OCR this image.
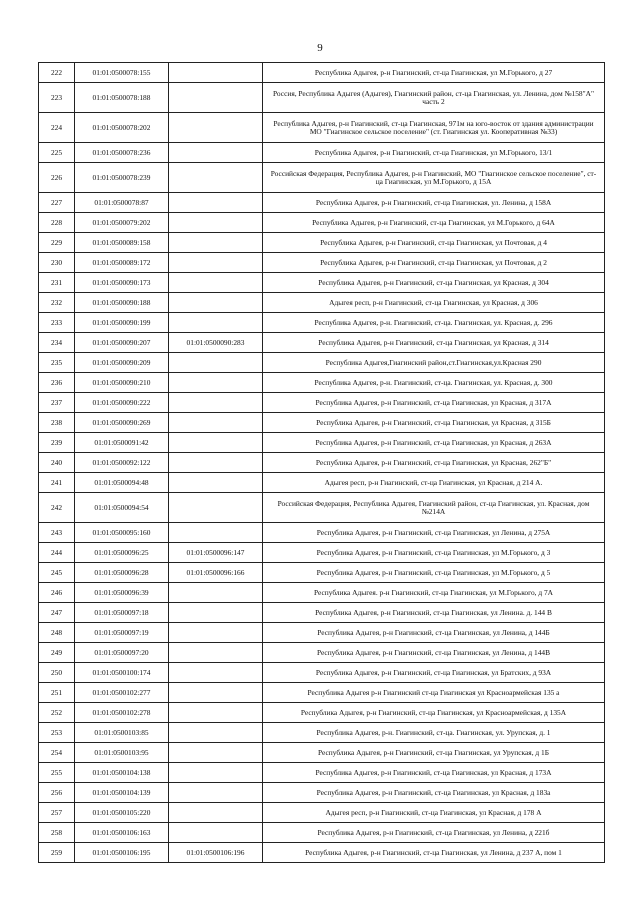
9
222	01:01:0500078:155		Республика Адыгея, р-н Гиагинский, ст-ца Гиагинская, ул М.Горького, д 27
223	01:01:0500078:188		Россия, Республика Адыгея (Адыгея), Гиагинский район, ст-ца Гиагинская, ул. Ленина, дом №158"А" часть 2
224	01:01:0500078:202		Республика Адыгея, р-н Гиагинский, ст-ца Гиагинская, 971м на юго-восток от здания администрации МО "Гиагинское сельское поселение" (ст. Гиагинская ул. Кооперативная №33)
225	01:01:0500078:236		Республика Адыгея, р-н Гиагинский, ст-ца Гиагинская, ул М.Горького, 13/1
226	01:01:0500078:239		Российская Федерация, Республика Адыгея, р-н Гиагинский, МО "Гиагинское сельское поселение", ст-ца Гиагинская, ул М.Горького, д 15А
227	01:01:0500078:87		Республика Адыгея, р-н Гиагинский, ст-ца Гиагинская, ул. Ленина, д 158А
228	01:01:0500079:202		Республика Адыгея, р-н Гиагинский, ст-ца Гиагинская, ул М.Горького, д 64А
229	01:01:0500089:158		Республика Адыгея, р-н Гиагинский, ст-ца Гиагинская, ул Почтовая, д 4
230	01:01:0500089:172		Республика Адыгея, р-н Гиагинский, ст-ца Гиагинская, ул Почтовая, д 2
231	01:01:0500090:173		Республика Адыгея, р-н Гиагинский, ст-ца Гиагинская, ул Красная, д 304
232	01:01:0500090:188		Адыгея респ, р-н Гиагинский, ст-ца Гиагинская, ул Красная, д 306
233	01:01:0500090:199		Республика Адыгея, р-н. Гиагинский, ст-ца. Гиагинская, ул. Красная, д. 296
234	01:01:0500090:207	01:01:0500090:283	Республика Адыгея, р-н Гиагинский, ст-ца Гиагинская, ул Красная, д 314
235	01:01:0500090:209		Республика Адыгея,Гиагинский район,ст.Гиагинская,ул.Красная 290
236	01:01:0500090:210		Республика Адыгея, р-н. Гиагинский, ст-ца. Гиагинская, ул. Красная, д. 300
237	01:01:0500090:222		Республика Адыгея, р-н Гиагинский, ст-ца Гиагинская, ул Красная, д 317А
238	01:01:0500090:269		Республика Адыгея, р-н Гиагинский, ст-ца Гиагинская, ул Красная, д 315Б
239	01:01:0500091:42		Республика Адыгея, р-н Гиагинский, ст-ца Гиагинская, ул Красная, д 263А
240	01:01:0500092:122		Республика Адыгея, р-н Гиагинский, ст-ца Гиагинская, ул Красная, 262"Б"
241	01:01:0500094:48		Адыгея респ, р-н Гиагинский, ст-ца Гиагинская, ул Красная, д 214 А.
242	01:01:0500094:54		Российская Федерация, Республика Адыгея, Гиагинский район, ст-ца Гиагинская, ул. Красная, дом №214А
243	01:01:0500095:160		Республика Адыгея, р-н Гиагинский, ст-ца Гиагинская, ул Ленина, д 275А
244	01:01:0500096:25	01:01:0500096:147	Республика Адыгея, р-н Гиагинский, ст-ца Гиагинская, ул М.Горького, д 3
245	01:01:0500096:28	01:01:0500096:166	Республика Адыгея, р-н Гиагинский, ст-ца Гиагинская, ул М.Горького, д 5
246	01:01:0500096:39		Республика Адыгея. р-н Гиагинский, ст-ца Гиагинская, ул М.Горького, д 7А
247	01:01:0500097:18		Республика Адыгея, р-н Гиагинский, ст-ца Гиагинская, ул Ленина. д. 144 В
248	01:01:0500097:19		Республика Адыгея, р-н Гиагинский, ст-ца Гиагинская, ул Ленина, д 144Б
249	01:01:0500097:20		Республика Адыгея, р-н Гиагинский, ст-ца Гиагинская, ул Ленина, д 144В
250	01:01:0500100:174		Республика Адыгея, р-н Гиагинский, ст-ца Гиагинская, ул Братских, д 93А
251	01:01:0500102:277		Республика Адыгея р-н Гиагинский ст-ца Гиагинская ул Красноармейская 135 а
252	01:01:0500102:278		Республика Адыгея, р-н Гиагинский, ст-ца Гиагинская, ул Красноармейская, д 135А
253	01:01:0500103:85		Республика Адыгея, р-н. Гиагинский, ст-ца. Гиагинская, ул. Урупская, д. 1
254	01:01:0500103:95		Республика Адыгея, р-н Гиагинский, ст-ца Гиагинская, ул Урупская, д 1Б
255	01:01:0500104:138		Республика Адыгея, р-н Гиагинский, ст-ца Гиагинская, ул Красная, д 173А
256	01:01:0500104:139		Республика Адыгея, р-н Гиагинский, ст-ца Гиагинская, ул Красная, д 183а
257	01:01:0500105:220		Адыгея респ, р-н Гиагинский, ст-ца Гиагинская, ул Красная, д 178 А
258	01:01:0500106:163		Республика Адыгея, р-н Гиагинский, ст-ца Гиагинская, ул Ленина, д 221б
259	01:01:0500106:195	01:01:0500106:196	Республика Адыгея, р-н Гиагинский, ст-ца Гиагинская, ул Ленина, д 237 А, пом 1
